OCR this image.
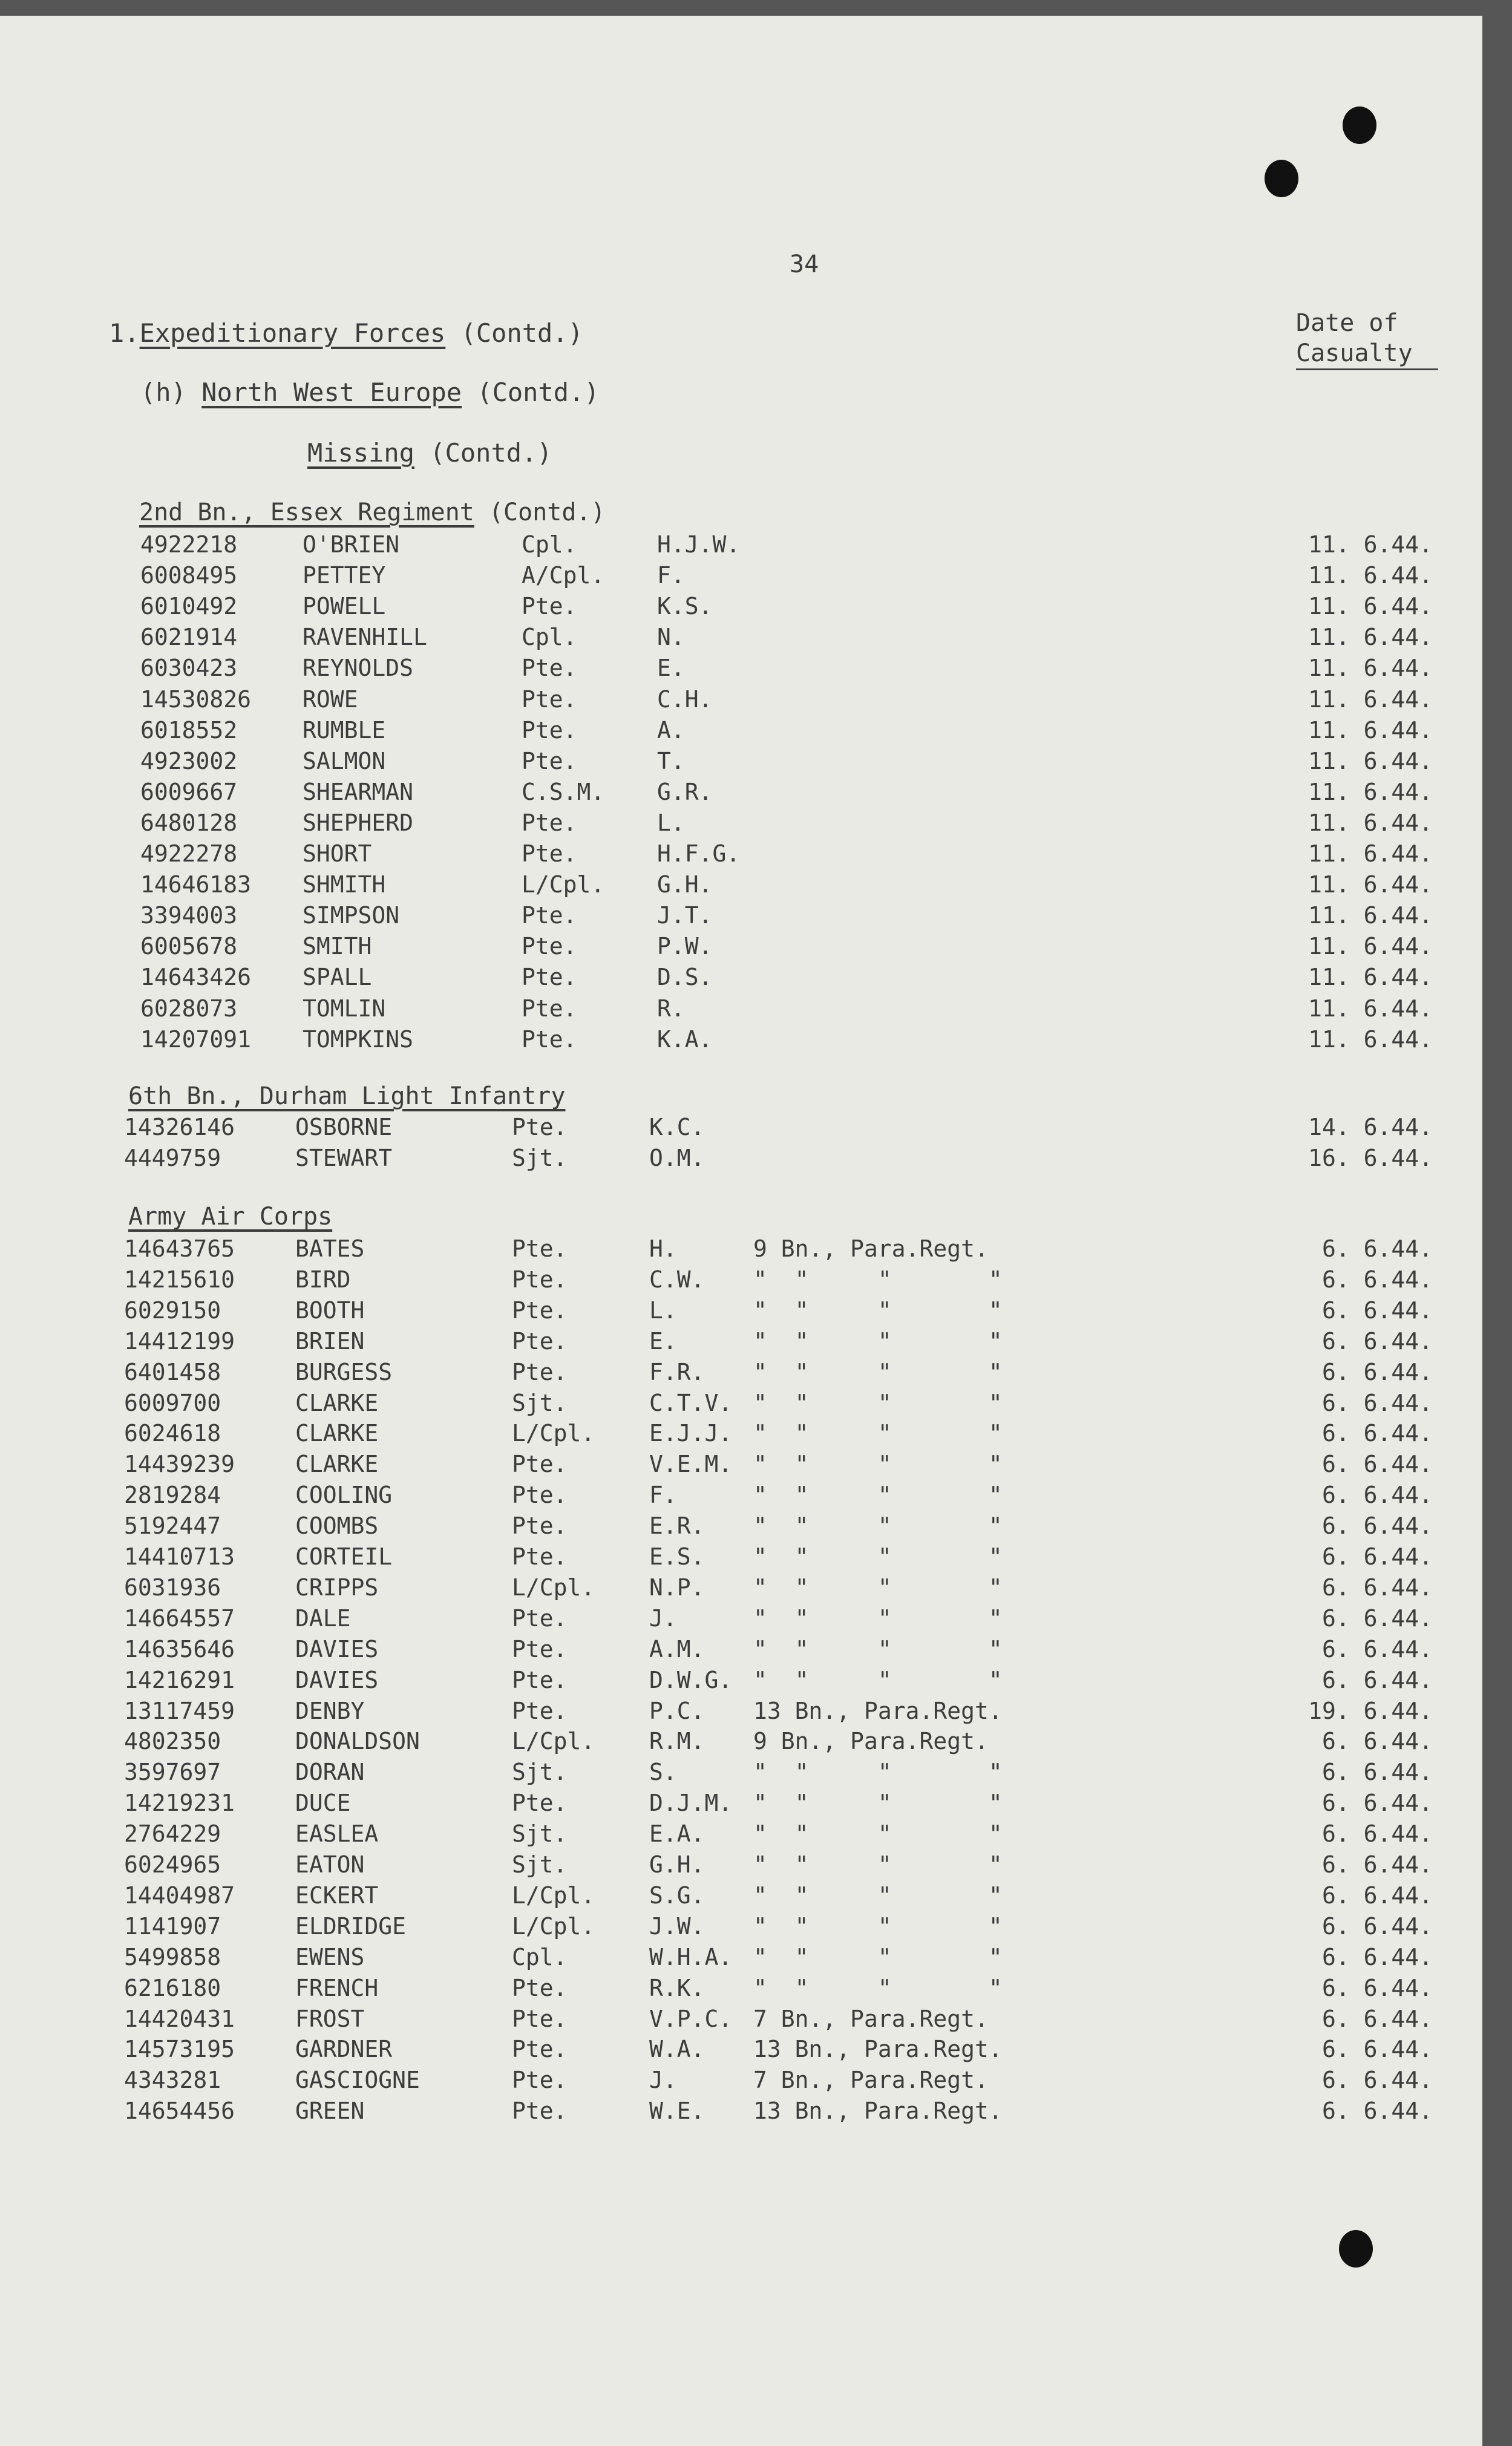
34
1.Expeditionary Forces (Contd.)
(h) North West Europe (Contd.)
Missing (Contd.)
Date of
Casualty
2nd Bn., Essex Regiment (Contd.)
4922218	O'BRIEN	Cpl.	H.J.W.	11. 6.44.
6008495	PETTEY	A/Cpl. F.	11. 6.44.
6010492	POWELL	Pte.	K.S.	11. 6.44.
6021914	RAVENHILL	Cpl.	N.	11. 6.44.
6030423	REYNOLDS	Pte.	E.	11. 6.44.
14530826 ROWE	Pte.	C.H.	11. 6.44.
6018552	RUMBLE	Pte.	A.	11. 6.44.
4923002	SALMON	Pte.	T.	11. 6.44.
6009667	SHEARMAN	C.S.M. G.R.	11. 6.44.
6480128	SHEPHERD	Pte.	L.	11. 6.44.
4922278	SHORT	Pte.	H.F.G.	11. 6.44.
14646183 SHMITH	L/Cpl. G.H.	11. 6.44.
3394003	SIMPSON	Pte.	J.T.	11. 6.44.
6005678	SMITH	Pte.	P.W.	11. 6.44.
14643426 SPALL	Pte.	D.S.	11. 6.44.
6028073	TOMLIN	Pte.	R.	11. 6.44.
14207091 TOMPKINS	Pte.	K.A.	11. 6.44.
6th Bn., Durham Light Infantry
14326146	OSBORNE	Pte.	K.C.	14. 6.44.
4449759	STEWART	Sjt.	O.M.	16. 6.44.
Army Air Corps
14643765	BATES	Pte.	H.	9 Bn., Para.Regt.	6. 6.44.
14215610	BIRD	Pte.	C.W. "  "     "       "	6. 6.44.
6029150	BOOTH	Pte.	L.	"  "     "       "	6. 6.44.
14412199	BRIEN	Pte.	E.	"  "     "       "	6. 6.44.
6401458	BURGESS	Pte.	F.R. "  "     "       "	6. 6.44.
6009700	CLARKE	Sjt.	C.T.V. "  "     "       "	6. 6.44.
6024618	CLARKE	L/Cpl. E.J.J. "  "     "       "	6. 6.44.
14439239	CLARKE	Pte.	V.E.M. "  "     "       "	6. 6.44.
2819284	COOLING	Pte.	F.	"  "     "       "	6. 6.44.
5192447	COOMBS	Pte.	E.R. "  "     "       "	6. 6.44.
14410713	CORTEIL	Pte.	E.S. "  "     "       "	6. 6.44.
6031936	CRIPPS	L/Cpl. N.P. "  "     "       "	6. 6.44.
14664557	DALE	Pte.	J.	"  "     "       "	6. 6.44.
14635646	DAVIES	Pte.	A.M. "  "     "       "	6. 6.44.
14216291	DAVIES	Pte.	D.W.G. "  "     "       "	6. 6.44.
13117459	DENBY	Pte.	P.C. 13 Bn., Para.Regt.	19. 6.44.
4802350	DONALDSON	L/Cpl. R.M. 9 Bn., Para.Regt.	6. 6.44.
3597697	DORAN	Sjt.	S.	"  "     "       "	6. 6.44.
14219231	DUCE	Pte.	D.J.M. "  "     "       "	6. 6.44.
2764229	EASLEA	Sjt.	E.A. "  "     "       "	6. 6.44.
6024965	EATON	Sjt.	G.H. "  "     "       "	6. 6.44.
14404987	ECKERT	L/Cpl. S.G. "  "     "       "	6. 6.44.
1141907	ELDRIDGE	L/Cpl. J.W. "  "     "       "	6. 6.44.
5499858	EWENS	Cpl.	W.H.A. "  "     "       "	6. 6.44.
6216180	FRENCH	Pte.	R.K. "  "     "       "	6. 6.44.
14420431	FROST	Pte.	V.P.C. 7 Bn., Para.Regt.	6. 6.44.
14573195	GARDNER	Pte.	W.A. 13 Bn., Para.Regt.	6. 6.44.
4343281	GASCIOGNE	Pte.	J.	7 Bn., Para.Regt.	6. 6.44.
14654456	GREEN	Pte.	W.E. 13 Bn., Para.Regt.	6. 6.44.
